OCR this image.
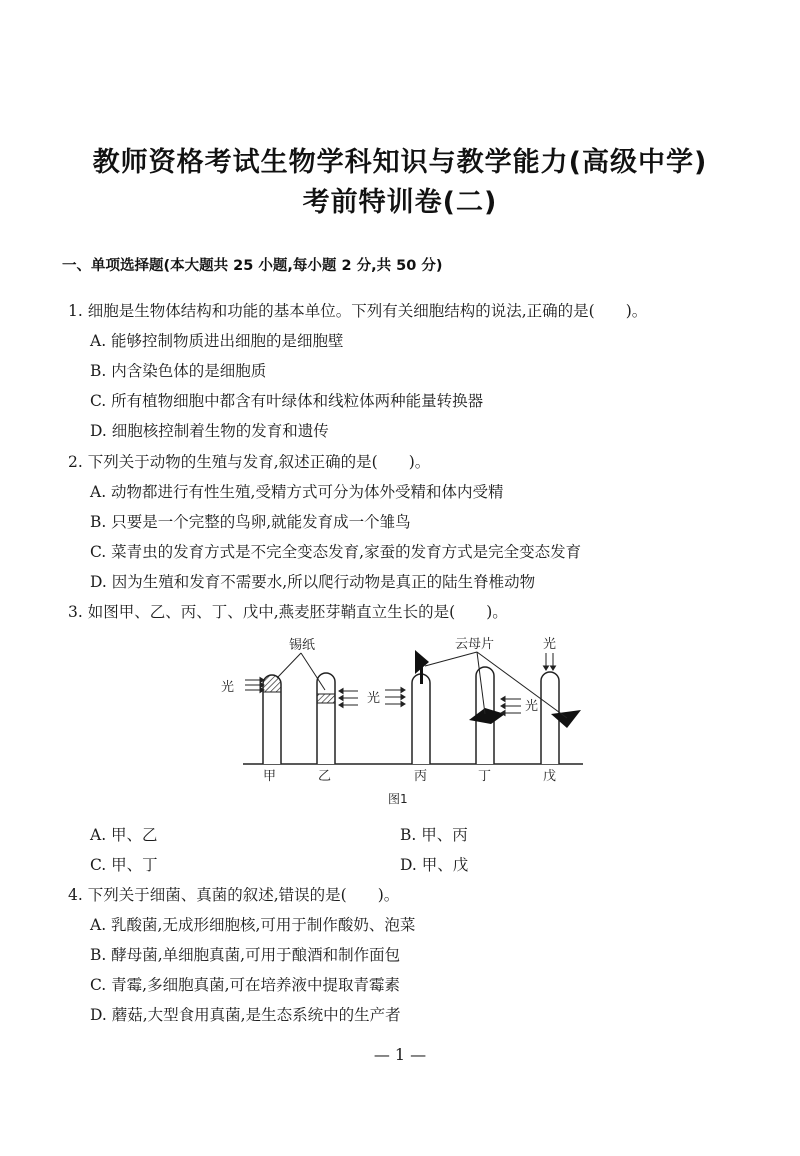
教师资格考试生物学科知识与教学能力(高级中学)
考前特训卷(二)
一、单项选择题(本大题共 25 小题,每小题 2 分,共 50 分)
1. 细胞是生物体结构和功能的基本单位。下列有关细胞结构的说法,正确的是(　　)。
A. 能够控制物质进出细胞的是细胞壁
B. 内含染色体的是细胞质
C. 所有植物细胞中都含有叶绿体和线粒体两种能量转换器
D. 细胞核控制着生物的发育和遗传
2. 下列关于动物的生殖与发育,叙述正确的是(　　)。
A. 动物都进行有性生殖,受精方式可分为体外受精和体内受精
B. 只要是一个完整的鸟卵,就能发育成一个雏鸟
C. 菜青虫的发育方式是不完全变态发育,家蚕的发育方式是完全变态发育
D. 因为生殖和发育不需要水,所以爬行动物是真正的陆生脊椎动物
3. 如图甲、乙、丙、丁、戊中,燕麦胚芽鞘直立生长的是(　　)。
光
光
锡纸
光
光
云母片
甲	乙	丙	丁	戊
图1
A. 甲、乙	B. 甲、丙
C. 甲、丁	D. 甲、戊
4. 下列关于细菌、真菌的叙述,错误的是(　　)。
A. 乳酸菌,无成形细胞核,可用于制作酸奶、泡菜
B. 酵母菌,单细胞真菌,可用于酿酒和制作面包
C. 青霉,多细胞真菌,可在培养液中提取青霉素
D. 蘑菇,大型食用真菌,是生态系统中的生产者
— 1 —
